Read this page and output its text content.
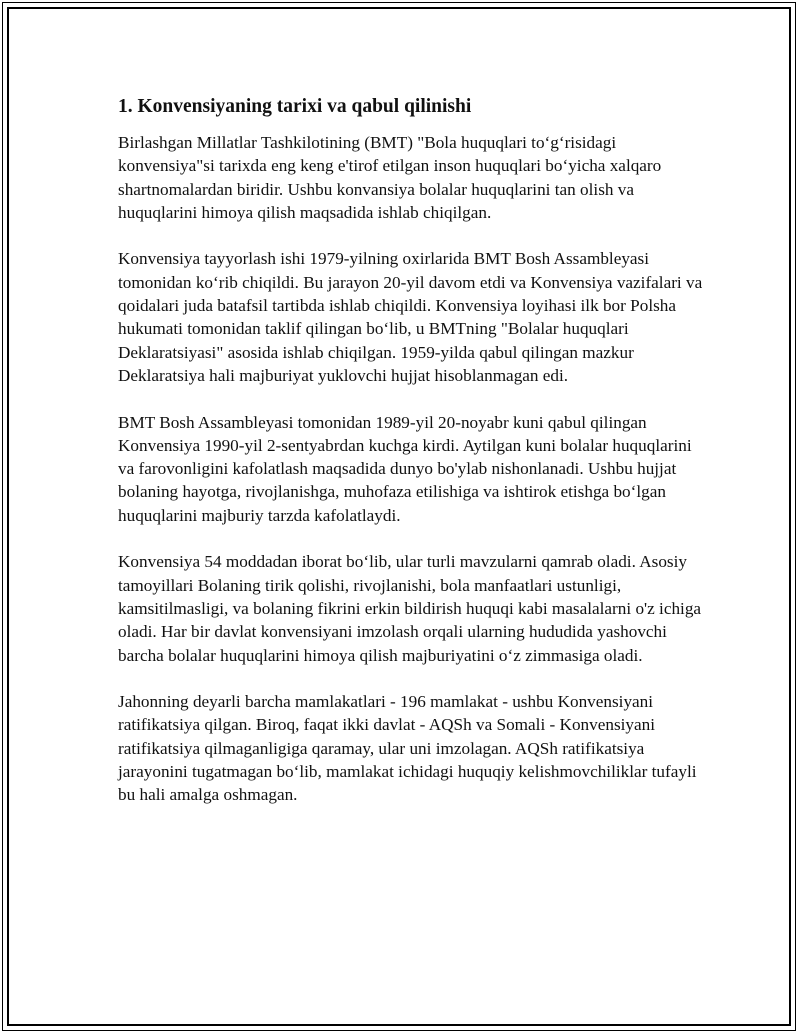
1. Konvensiyaning tarixi va qabul qilinishi

Birlashgan Millatlar Tashkilotining (BMT) "Bola huquqlari to‘g‘risidagi konvensiya"si tarixda eng keng e'tirof etilgan inson huquqlari bo‘yicha xalqaro shartnomalardan biridir. Ushbu konvansiya bolalar huquqlarini tan olish va huquqlarini himoya qilish maqsadida ishlab chiqilgan.

Konvensiya tayyorlash ishi 1979-yilning oxirlarida BMT Bosh Assambleyasi tomonidan ko‘rib chiqildi. Bu jarayon 20-yil davom etdi va Konvensiya vazifalari va qoidalari juda batafsil tartibda ishlab chiqildi. Konvensiya loyihasi ilk bor Polsha hukumati tomonidan taklif qilingan bo‘lib, u BMTning "Bolalar huquqlari Deklaratsiyasi" asosida ishlab chiqilgan. 1959-yilda qabul qilingan mazkur Deklaratsiya hali majburiyat yuklovchi hujjat hisoblanmagan edi.

BMT Bosh Assambleyasi tomonidan 1989-yil 20-noyabr kuni qabul qilingan Konvensiya 1990-yil 2-sentyabrdan kuchga kirdi. Aytilgan kuni bolalar huquqlarini va farovonligini kafolatlash maqsadida dunyo bo'ylab nishonlanadi. Ushbu hujjat bolaning hayotga, rivojlanishga, muhofaza etilishiga va ishtirok etishga bo‘lgan huquqlarini majburiy tarzda kafolatlaydi.

Konvensiya 54 moddadan iborat bo‘lib, ular turli mavzularni qamrab oladi. Asosiy tamoyillari Bolaning tirik qolishi, rivojlanishi, bola manfaatlari ustunligi, kamsitilmasligi, va bolaning fikrini erkin bildirish huquqi kabi masalalarni o'z ichiga oladi. Har bir davlat konvensiyani imzolash orqali ularning hududida yashovchi barcha bolalar huquqlarini himoya qilish majburiyatini o‘z zimmasiga oladi.

Jahonning deyarli barcha mamlakatlari - 196 mamlakat - ushbu Konvensiyani ratifikatsiya qilgan. Biroq, faqat ikki davlat - AQSh va Somali - Konvensiyani ratifikatsiya qilmaganligiga qaramay, ular uni imzolagan. AQSh ratifikatsiya jarayonini tugatmagan bo‘lib, mamlakat ichidagi huquqiy kelishmovchiliklar tufayli bu hali amalga oshmagan.
